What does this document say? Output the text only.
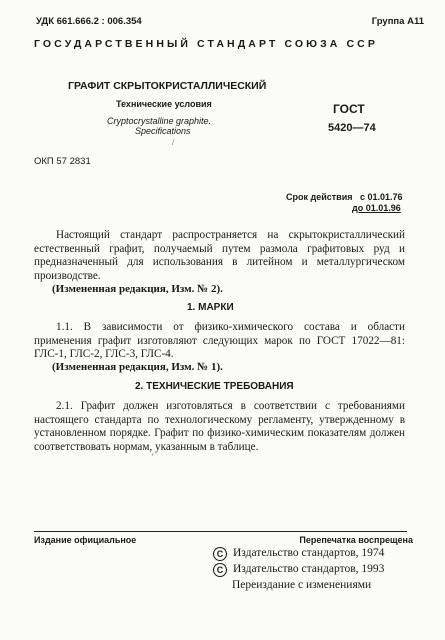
УДК 661.666.2 : 006.354	Группа А11
ГОСУДАРСТВЕННЫЙ СТАНДАРТ СОЮЗА ССР
ГРАФИТ СКРЫТОКРИСТАЛЛИЧЕСКИЙ
Технические условия
Cryptocrystalline graphite.
Specifications
ГОСТ
5420—74
/
ОКП 57 2831
Срок действия с 01.01.76
до 01.01.96
Настоящий стандарт распространяется на скрытокристаллический естественный графит, получаемый путем размола графитовых руд и предназначенный для использования в литейном и металлургическом производстве.
(Измененная редакция, Изм. № 2).
1. МАРКИ
1.1. В зависимости от физико-химического состава и области применения графит изготовляют следующих марок по ГОСТ 17022—81: ГЛС-1, ГЛС-2, ГЛС-3, ГЛС-4.
(Измененная редакция, Изм. № 1).
2. ТЕХНИЧЕСКИЕ ТРЕБОВАНИЯ
2.1. Графит должен изготовляться в соответствии с требованиями настоящего стандарта по технологическому регламенту, утвержденному в установленном порядке. Графит по физико-химическим показателям должен соответствовать нормам, указанным в таблице.
'
Издание официальное	Перепечатка воспрещена
С Издательство стандартов, 1974
С Издательство стандартов, 1993
Переиздание с изменениями
